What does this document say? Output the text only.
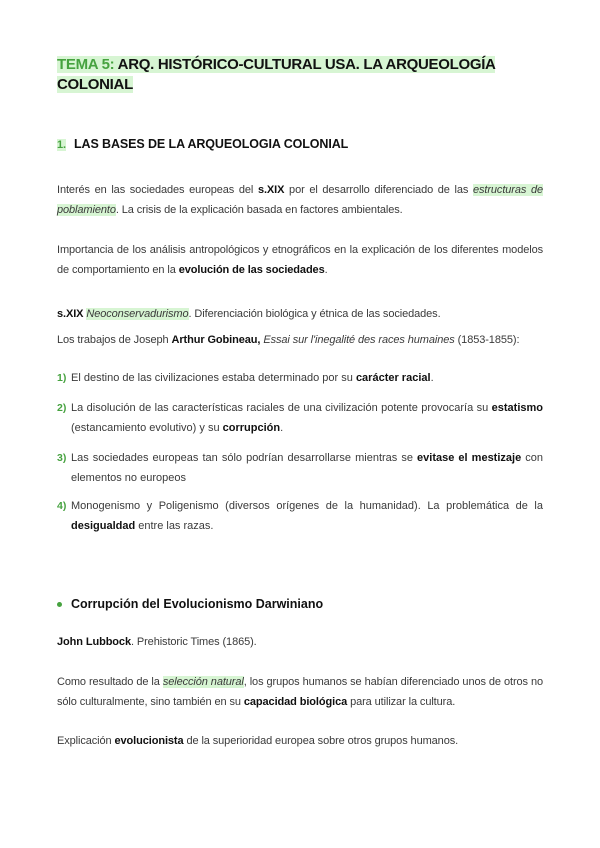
TEMA 5: ARQ. HISTÓRICO-CULTURAL USA. LA ARQUEOLOGÍA COLONIAL
1. LAS BASES DE LA ARQUEOLOGIA COLONIAL
Interés en las sociedades europeas del s.XIX por el desarrollo diferenciado de las estructuras de poblamiento. La crisis de la explicación basada en factores ambientales.
Importancia de los análisis antropológicos y etnográficos en la explicación de los diferentes modelos de comportamiento en la evolución de las sociedades.
s.XIX Neoconservadurismo. Diferenciación biológica y étnica de las sociedades.
Los trabajos de Joseph Arthur Gobineau, Essai sur l'inegalité des races humaines (1853-1855):
1) El destino de las civilizaciones estaba determinado por su carácter racial.
2) La disolución de las características raciales de una civilización potente provocaría su estatismo (estancamiento evolutivo) y su corrupción.
3) Las sociedades europeas tan sólo podrían desarrollarse mientras se evitase el mestizaje con elementos no europeos
4) Monogenismo y Poligenismo (diversos orígenes de la humanidad). La problemática de la desigualdad entre las razas.
Corrupción del Evolucionismo Darwiniano
John Lubbock. Prehistoric Times (1865).
Como resultado de la selección natural, los grupos humanos se habían diferenciado unos de otros no sólo culturalmente, sino también en su capacidad biológica para utilizar la cultura.
Explicación evolucionista de la superioridad europea sobre otros grupos humanos.
